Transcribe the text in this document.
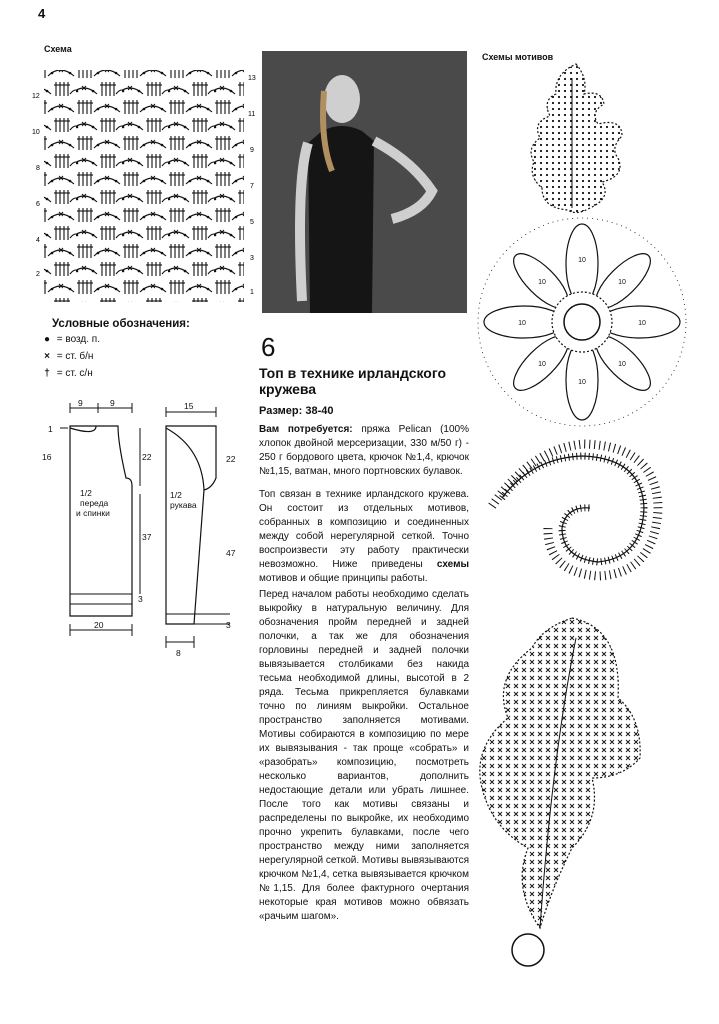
4
Схема
Схемы мотивов
12
10
8
6
4
2
13
11
9
7
5
3
1
Условные обозначения:
● = возд. п.
× = ст. б/н
† = ст. с/н
9	9
1
16	22
37
3
20
1/2
переда
и спинки
15
22
47
3
8
1/2
рукава
6
Топ в технике ирландского кружева
Размер: 38-40
Вам потребуется: пряжа Pelican (100% хлопок двойной мерсеризации, 330 м/50 г) - 250 г бордового цвета, крючок №1,4, крючок №1,15, ватман, много портновских булавок.
Топ связан в технике ирландского кружева. Он состоит из отдельных мотивов, собранных в композицию и соединенных между собой нерегулярной сеткой. Точно воспроизвести эту работу практически невозможно. Ниже приведены схемы мотивов и общие принципы работы.
Перед началом работы необходимо сделать выкройку в натуральную величину. Для обозначения пройм передней и задней полочки, а так же для обозначения горловины передней и задней полочки вывязывается столбиками без накида тесьма необходимой длины, высотой в 2 ряда. Тесьма прикрепляется булавками точно по линиям выкройки. Остальное пространство заполняется мотивами. Мотивы собираются в композицию по мере их вывязывания - так проще «собрать» и «разобрать» композицию, посмотреть несколько вариантов, дополнить недостающие детали или убрать лишнее. После того как мотивы связаны и распределены по выкройке, их необходимо прочно укрепить булавками, после чего пространство между ними заполняется нерегулярной сеткой. Мотивы вывязываются крючком №1,4, сетка вывязывается крючком №1,15. Для более фактурного очертания некоторые края мотивов можно обвязать «рачьим шагом».
10
10
10
10
10
10
10
10
